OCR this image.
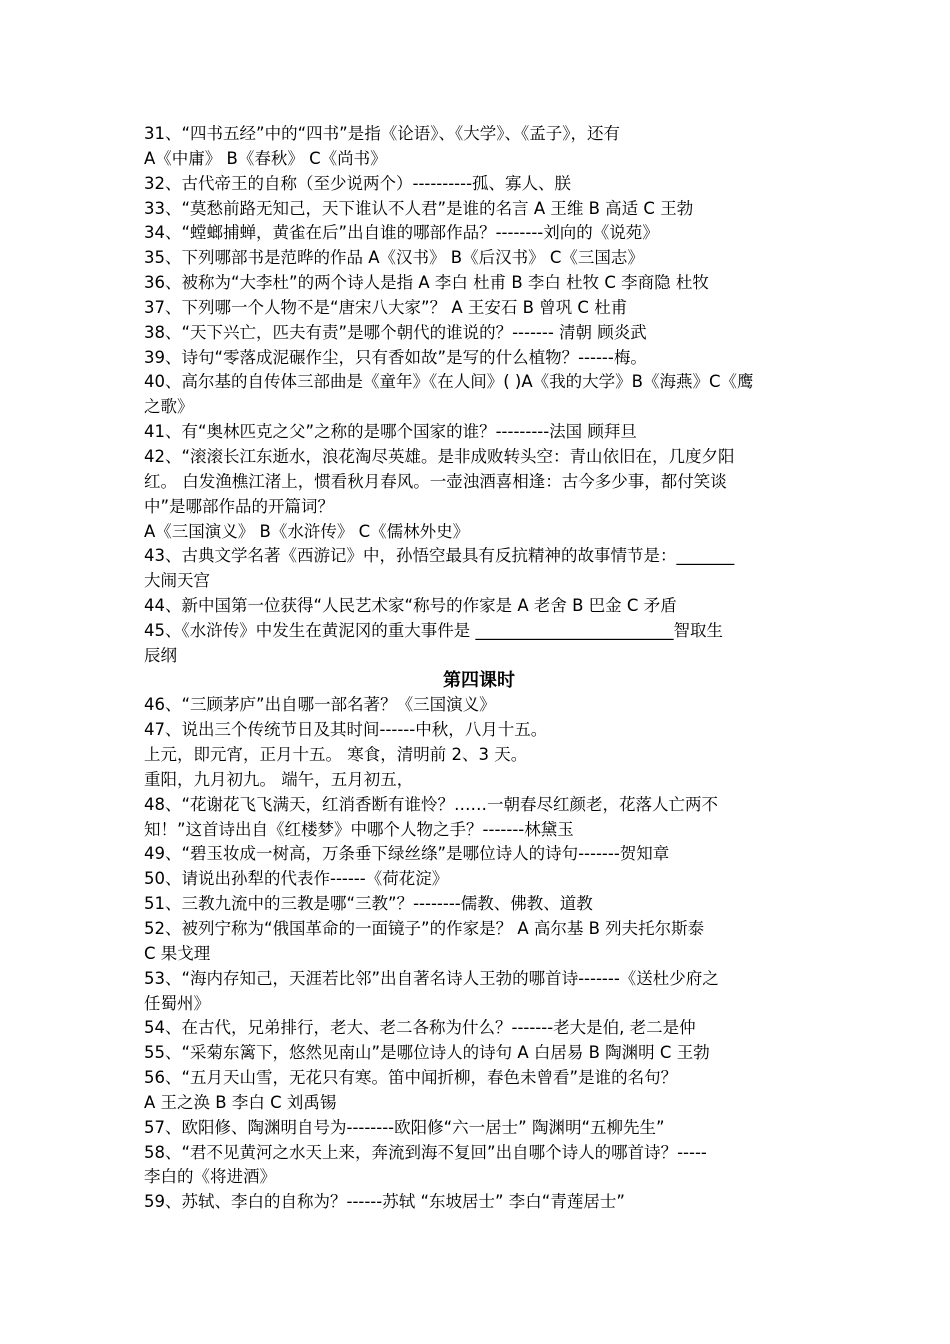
31、“四书五经”中的“四书”是指《论语》、《大学》、《孟子》，还有
A《中庸》 B《春秋》 C《尚书》
32、古代帝王的自称（至少说两个）----------孤、寡人、朕
33、“莫愁前路无知己，天下谁认不人君”是谁的名言 A 王维 B 高适 C 王勃
34、“螳螂捕蝉，黄雀在后”出自谁的哪部作品？--------刘向的《说苑》
35、下列哪部书是范晔的作品 A《汉书》 B《后汉书》 C《三国志》
36、被称为“大李杜”的两个诗人是指 A 李白 杜甫 B 李白 杜牧 C 李商隐 杜牧
37、下列哪一个人物不是“唐宋八大家”？ A 王安石 B 曾巩 C 杜甫
38、“天下兴亡，匹夫有责”是哪个朝代的谁说的？------- 清朝 顾炎武
39、诗句“零落成泥碾作尘，只有香如故”是写的什么植物？------梅。
40、高尔基的自传体三部曲是《童年》《在人间》( )A《我的大学》B《海燕》C《鹰
之歌》
41、有“奥林匹克之父”之称的是哪个国家的谁？---------法国 顾拜旦
42、“滚滚长江东逝水，浪花淘尽英雄。是非成败转头空：青山依旧在，几度夕阳
红。 白发渔樵江渚上，惯看秋月春风。一壶浊酒喜相逢：古今多少事，都付笑谈
中”是哪部作品的开篇词？
A《三国演义》 B《水浒传》 C《儒林外史》
43、古典文学名著《西游记》中，孙悟空最具有反抗精神的故事情节是：_______
大闹天宫
44、新中国第一位获得“人民艺术家“称号的作家是 A 老舍 B 巴金 C 矛盾
45、《水浒传》中发生在黄泥冈的重大事件是 ________________________智取生
辰纲
第四课时
46、“三顾茅庐”出自哪一部名著？《三国演义》
47、说出三个传统节日及其时间------中秋，八月十五。
上元，即元宵，正月十五。 寒食，清明前 2、3 天。
重阳，九月初九。 端午，五月初五，
48、“花谢花飞飞满天，红消香断有谁怜？……一朝春尽红颜老，花落人亡两不
知！”这首诗出自《红楼梦》中哪个人物之手？-------林黛玉
49、“碧玉妆成一树高，万条垂下绿丝绦”是哪位诗人的诗句-------贺知章
50、请说出孙犁的代表作------《荷花淀》
51、三教九流中的三教是哪“三教”？--------儒教、佛教、道教
52、被列宁称为“俄国革命的一面镜子”的作家是？ A 高尔基 B 列夫托尔斯泰
C 果戈理
53、“海内存知己，天涯若比邻”出自著名诗人王勃的哪首诗-------《送杜少府之
任蜀州》
54、在古代，兄弟排行，老大、老二各称为什么？-------老大是伯, 老二是仲
55、“采菊东篱下，悠然见南山”是哪位诗人的诗句 A 白居易 B 陶渊明 C 王勃
56、“五月天山雪，无花只有寒。笛中闻折柳，春色未曾看”是谁的名句？
A 王之涣 B 李白 C 刘禹锡
57、欧阳修、陶渊明自号为--------欧阳修“六一居士” 陶渊明“五柳先生”
58、“君不见黄河之水天上来，奔流到海不复回”出自哪个诗人的哪首诗？-----
李白的《将进酒》
59、苏轼、李白的自称为？------苏轼 “东坡居士” 李白“青莲居士”
